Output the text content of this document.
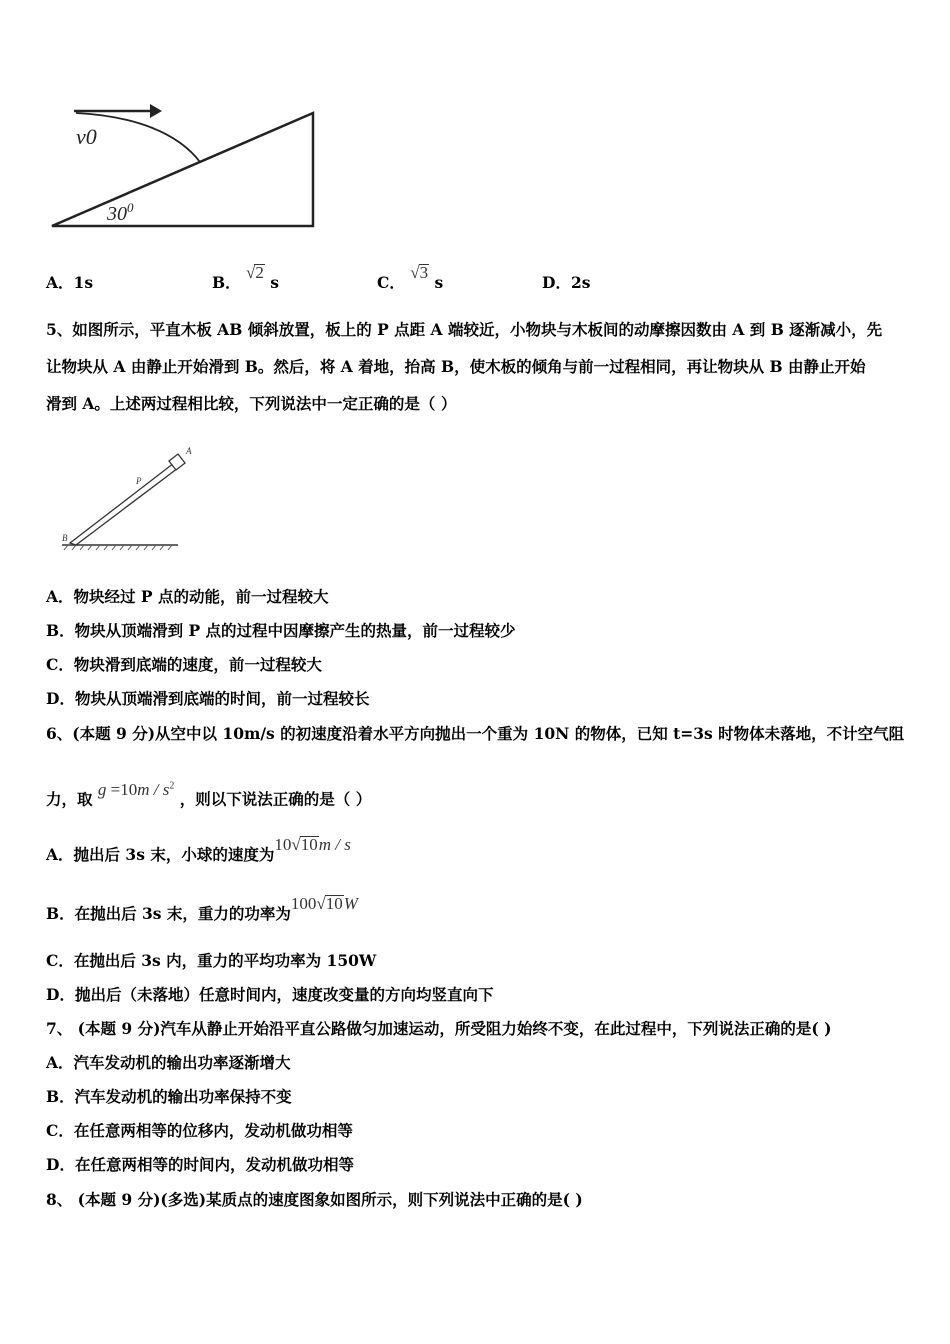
v0
$30^0$
A．1s	B． √2 s	C． √3 s	D．2s
5、如图所示，平直木板 AB 倾斜放置，板上的 P 点距 A 端较近，小物块与木板间的动摩擦因数由 A 到 B 逐渐减小，先
让物块从 A 由静止开始滑到 B。然后，将 A 着地，抬高 B，使木板的倾角与前一过程相同，再让物块从 B 由静止开始
滑到 A。上述两过程相比较，下列说法中一定正确的是（ ）
A
P
B
A．物块经过 P 点的动能，前一过程较大
B．物块从顶端滑到 P 点的过程中因摩擦产生的热量，前一过程较少
C．物块滑到底端的速度，前一过程较大
D．物块从顶端滑到底端的时间，前一过程较长
6、(本题 9 分)从空中以 10m/s 的初速度沿着水平方向抛出一个重为 10N 的物体，已知 t=3s 时物体未落地，不计空气阻
力，取 $g =10m / s^2$ ，则以下说法正确的是（ ）
A．抛出后 3s 末，小球的速度为10√10m / s
B．在抛出后 3s 末，重力的功率为100√10W
C．在抛出后 3s 内，重力的平均功率为 150W
D．抛出后（未落地）任意时间内，速度改变量的方向均竖直向下
7、 (本题 9 分)汽车从静止开始沿平直公路做匀加速运动，所受阻力始终不变，在此过程中，下列说法正确的是( )
A．汽车发动机的输出功率逐渐增大
B．汽车发动机的输出功率保持不变
C．在任意两相等的位移内，发动机做功相等
D．在任意两相等的时间内，发动机做功相等
8、 (本题 9 分)(多选)某质点的速度图象如图所示，则下列说法中正确的是( )
